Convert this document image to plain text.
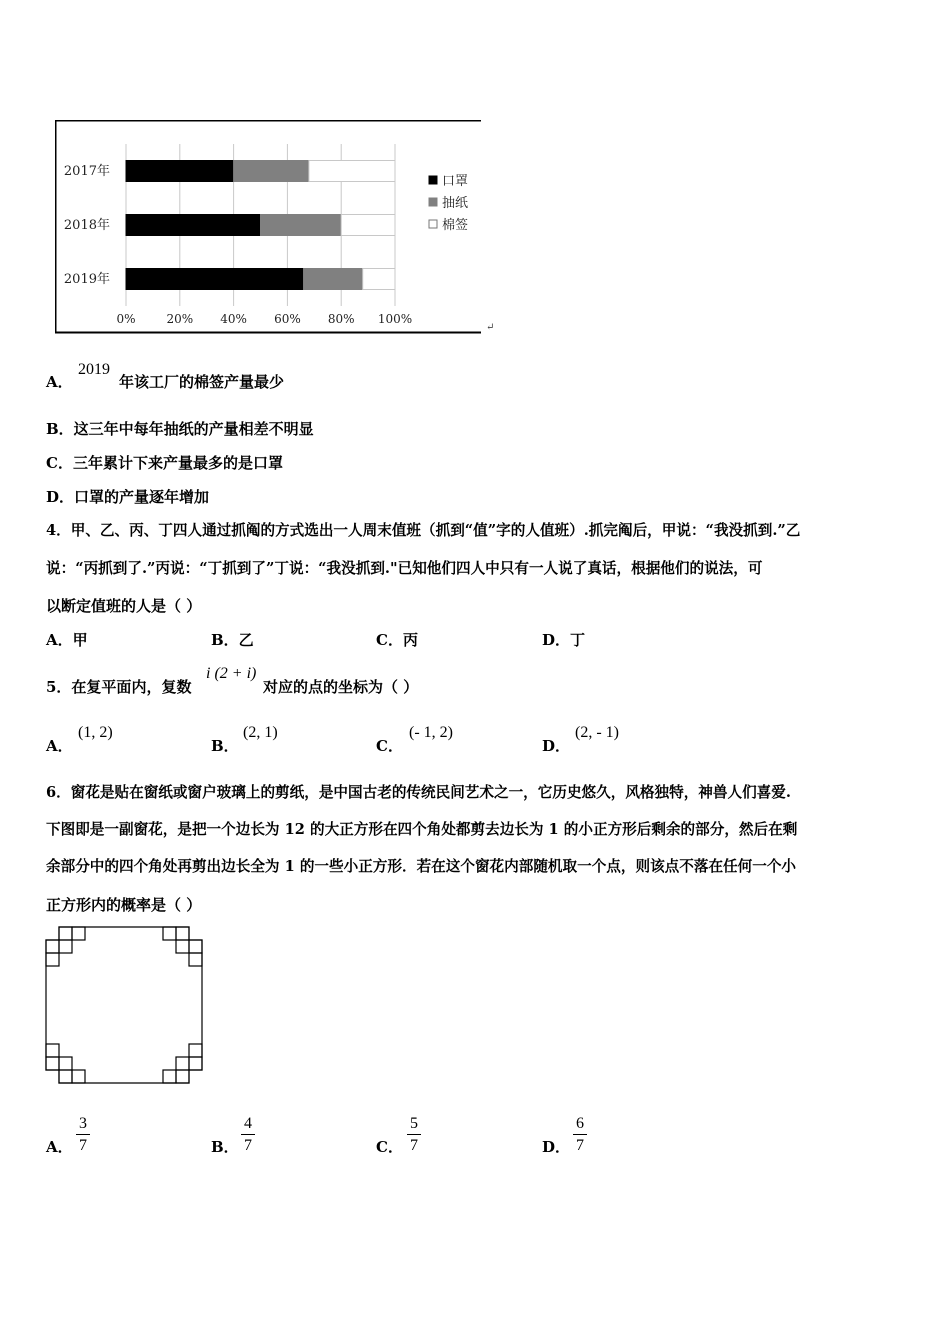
2017年
2018年
2019年
0%	20% 40% 60% 80% 100%
口罩
抽纸
棉签
↵
A．
2019
年该工厂的棉签产量最少
B．这三年中每年抽纸的产量相差不明显
C．三年累计下来产量最多的是口罩
D．口罩的产量逐年增加
4．甲、乙、丙、丁四人通过抓阄的方式选出一人周末值班（抓到“值”字的人值班）.抓完阄后，甲说：“我没抓到.”乙
说：“丙抓到了.”丙说：“丁抓到了”丁说：“我没抓到."已知他们四人中只有一人说了真话，根据他们的说法，可
以断定值班的人是（ ）
A．甲	B．乙	C．丙	D．丁
5．在复平面内，复数
i (2 + i)
对应的点的坐标为（ ）
A．
(1, 2)
B．
(2, 1)
C．
(- 1, 2)
D．
(2, - 1)
6．窗花是贴在窗纸或窗户玻璃上的剪纸，是中国古老的传统民间艺术之一，它历史悠久，风格独特，神兽人们喜爱.
下图即是一副窗花，是把一个边长为 12 的大正方形在四个角处都剪去边长为 1 的小正方形后剩余的部分，然后在剩
余部分中的四个角处再剪出边长全为 1 的一些小正方形．若在这个窗花内部随机取一个点，则该点不落在任何一个小
正方形内的概率是（ ）
A．
3
7	B．
4
7	C．
5
7	D．
6
7
